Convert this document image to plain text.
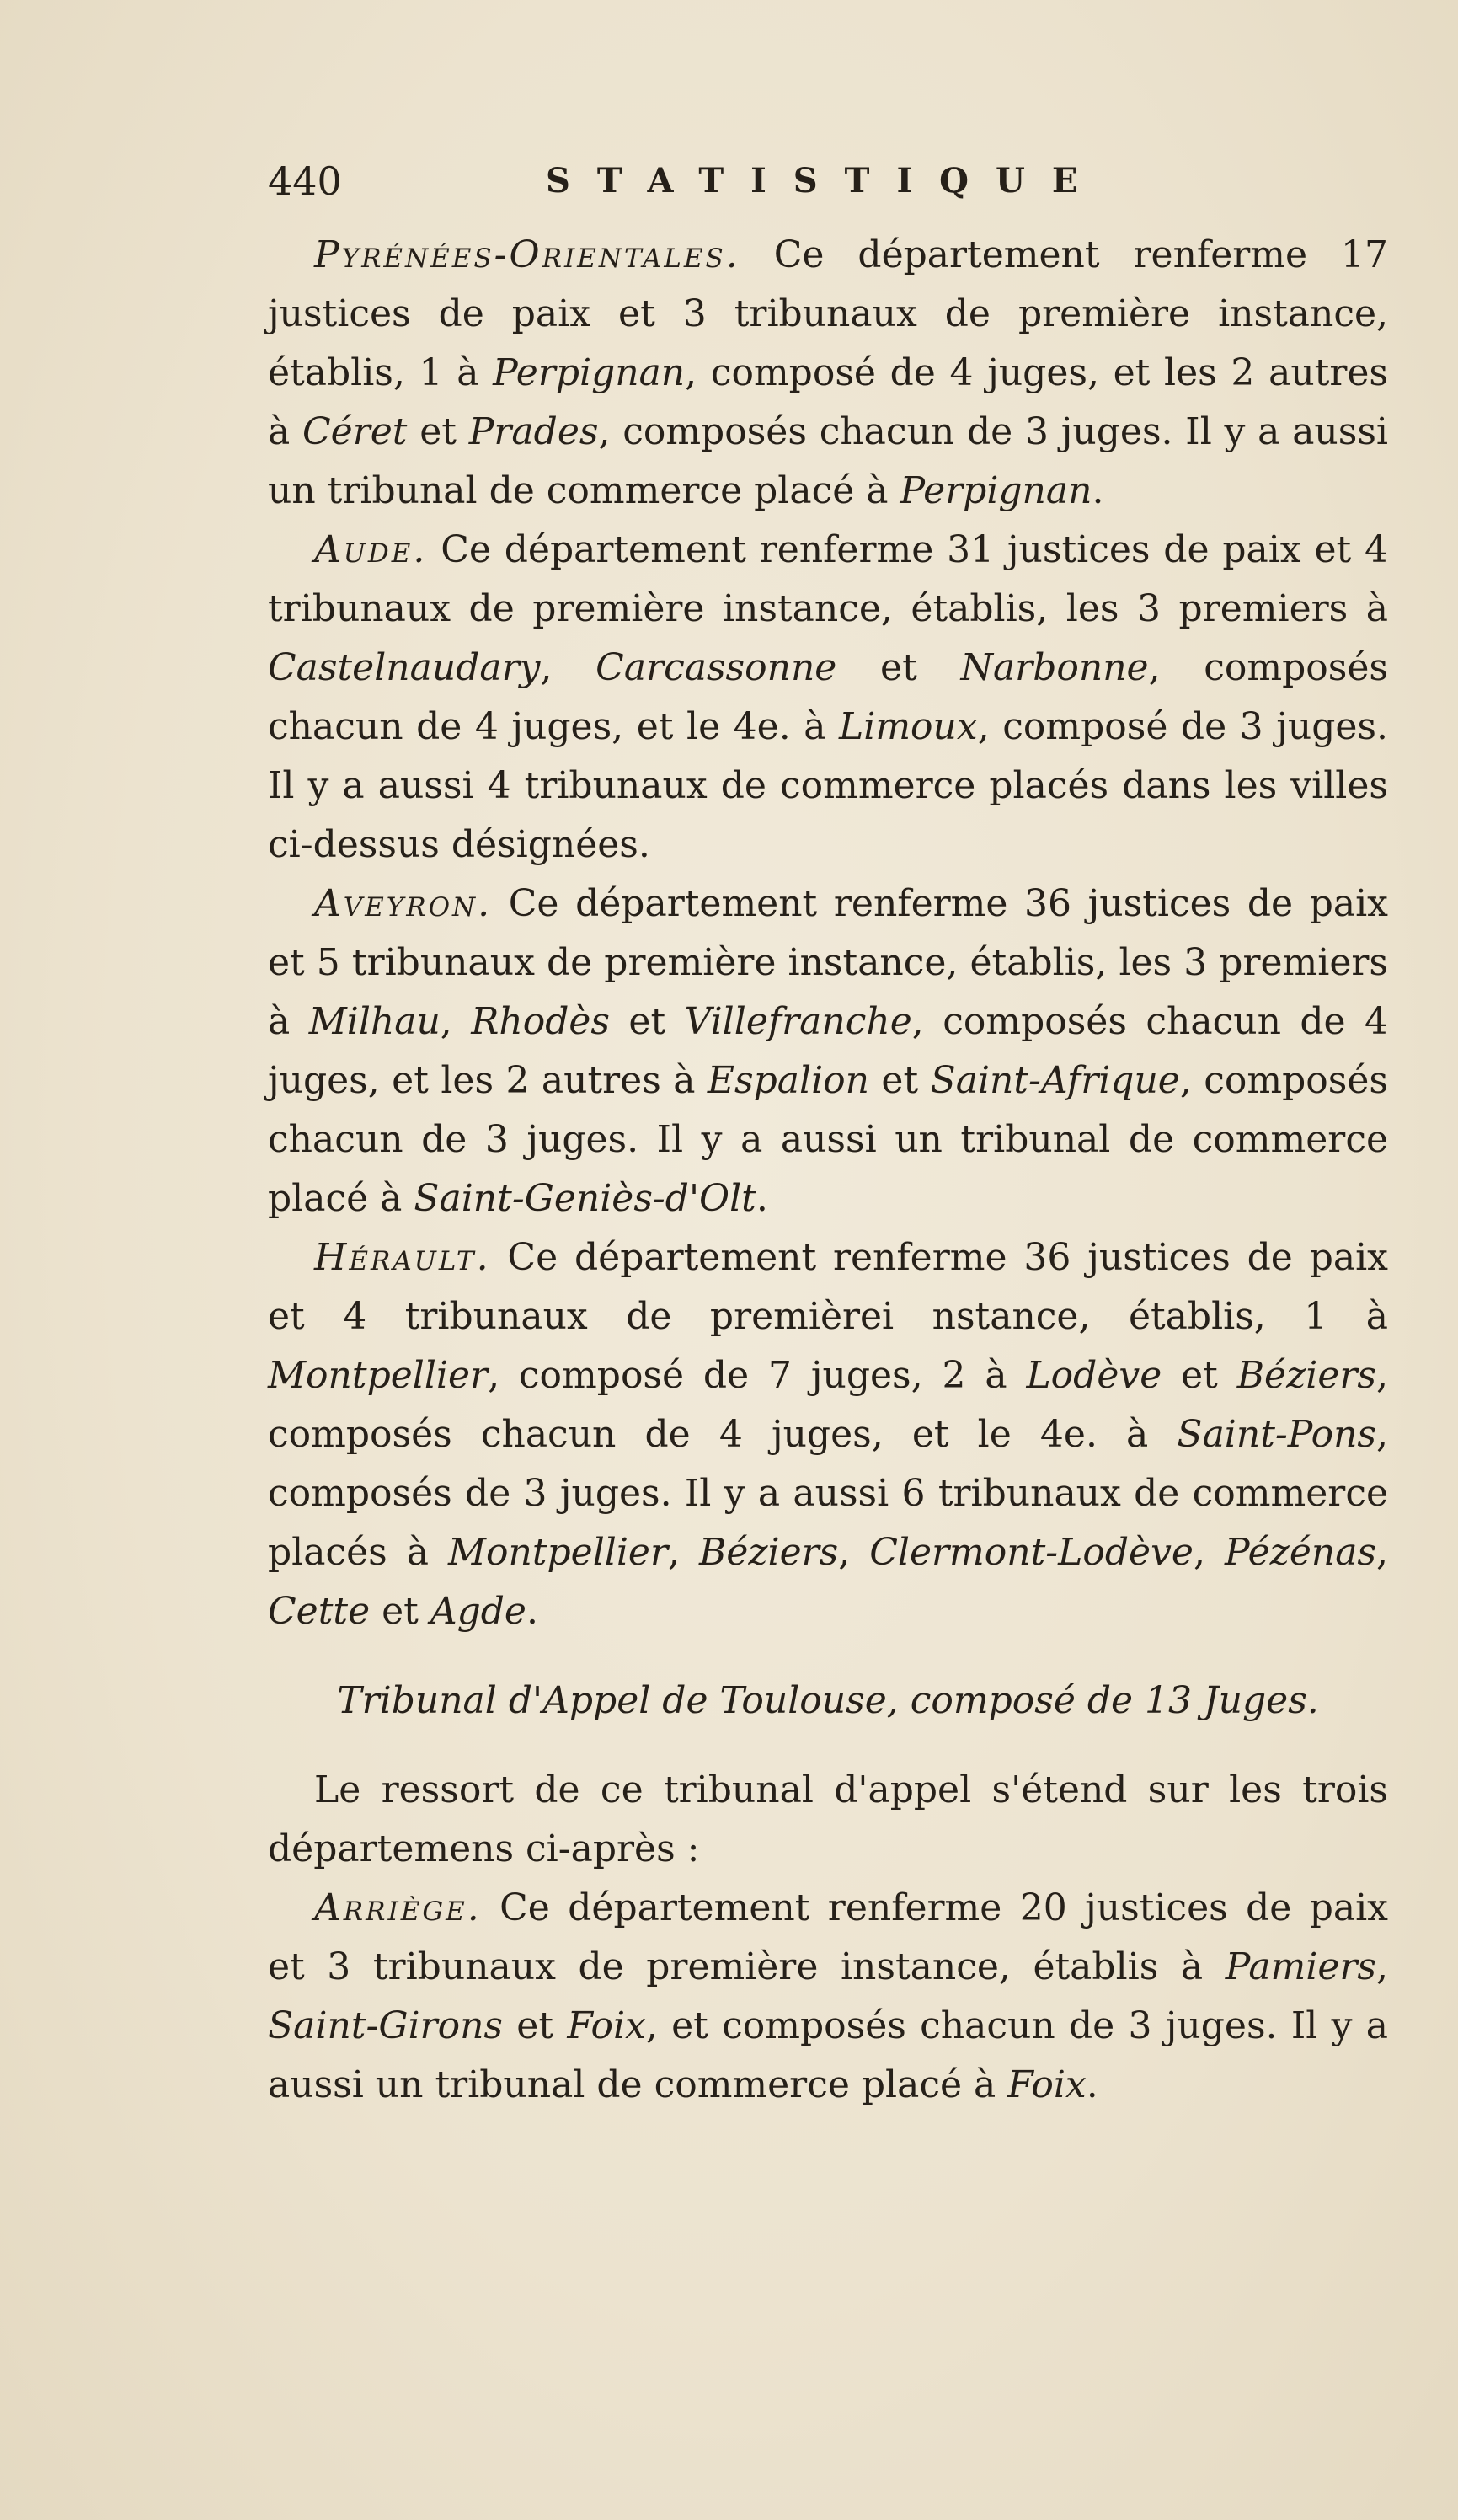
440	STATISTIQUE

Pyrénées-Orientales. Ce département renferme 17 justices de paix et 3 tribunaux de première instance, établis, 1 à Perpignan, composé de 4 juges, et les 2 autres à Céret et Prades, composés chacun de 3 juges. Il y a aussi un tribunal de commerce placé à Perpignan.

Aude. Ce département renferme 31 justices de paix et 4 tribunaux de première instance, établis, les 3 premiers à Castelnaudary, Carcassonne et Narbonne, composés chacun de 4 juges, et le 4e. à Limoux, composé de 3 juges. Il y a aussi 4 tribunaux de commerce placés dans les villes ci-dessus désignées.

Aveyron. Ce département renferme 36 justices de paix et 5 tribunaux de première instance, établis, les 3 premiers à Milhau, Rhodès et Villefranche, composés chacun de 4 juges, et les 2 autres à Espalion et Saint-Afrique, composés chacun de 3 juges. Il y a aussi un tribunal de commerce placé à Saint-Geniès-d'Olt.

Hérault. Ce département renferme 36 justices de paix et 4 tribunaux de premièrei nstance, établis, 1 à Montpellier, composé de 7 juges, 2 à Lodève et Béziers, composés chacun de 4 juges, et le 4e. à Saint-Pons, composés de 3 juges. Il y a aussi 6 tribunaux de commerce placés à Montpellier, Béziers, Clermont-Lodève, Pézénas, Cette et Agde.

Tribunal d'Appel de Toulouse, composé de 13 Juges.

Le ressort de ce tribunal d'appel s'étend sur les trois départemens ci-après :

Arriège. Ce département renferme 20 justices de paix et 3 tribunaux de première instance, établis à Pamiers, Saint-Girons et Foix, et composés chacun de 3 juges. Il y a aussi un tribunal de commerce placé à Foix.
